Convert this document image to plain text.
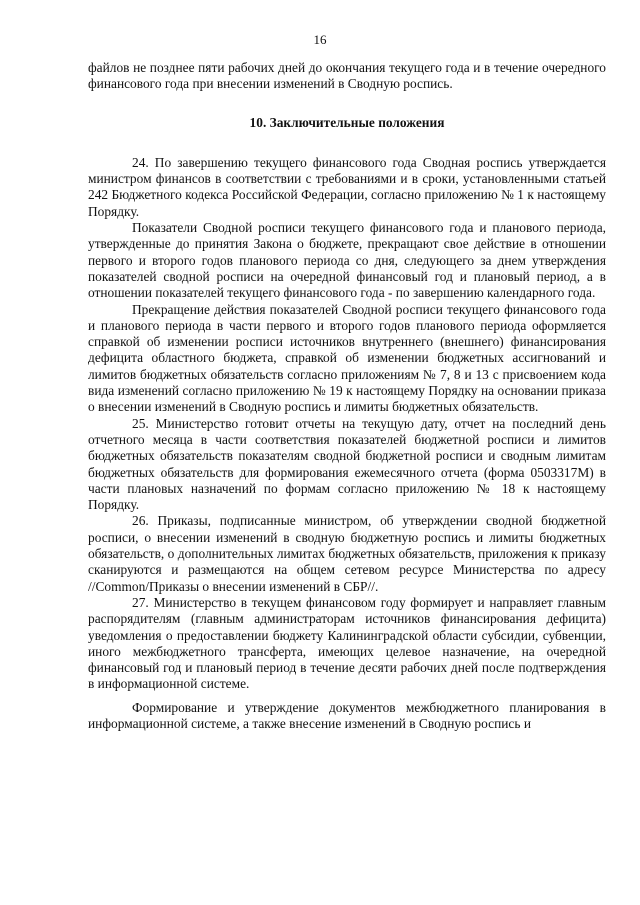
16

файлов не позднее пяти рабочих дней до окончания текущего года и в течение очередного финансового года при внесении изменений в Сводную роспись.

10. Заключительные положения

24. По завершению текущего финансового года Сводная роспись утверждается министром финансов в соответствии с требованиями и в сроки, установленными статьей 242 Бюджетного кодекса Российской Федерации, согласно приложению № 1 к настоящему Порядку.

Показатели Сводной росписи текущего финансового года и планового периода, утвержденные до принятия Закона о бюджете, прекращают свое действие в отношении первого и второго годов планового периода со дня, следующего за днем утверждения показателей сводной росписи на очередной финансовый год и плановый период, а в отношении показателей текущего финансового года - по завершению календарного года.

Прекращение действия показателей Сводной росписи текущего финансового года и планового периода в части первого и второго годов планового периода оформляется справкой об изменении росписи источников внутреннего (внешнего) финансирования дефицита областного бюджета, справкой об изменении бюджетных ассигнований и лимитов бюджетных обязательств согласно приложениям № 7, 8 и 13 с присвоением кода вида изменений согласно приложению № 19 к настоящему Порядку на основании приказа о внесении изменений в Сводную роспись и лимиты бюджетных обязательств.

25. Министерство готовит отчеты на текущую дату, отчет на последний день отчетного месяца в части соответствия показателей бюджетной росписи и лимитов бюджетных обязательств показателям сводной бюджетной росписи и сводным лимитам бюджетных обязательств для формирования ежемесячного отчета (форма 0503317М) в части плановых назначений по формам согласно приложению № 18 к настоящему Порядку.

26. Приказы, подписанные министром, об утверждении сводной бюджетной росписи, о внесении изменений в сводную бюджетную роспись и лимиты бюджетных обязательств, о дополнительных лимитах бюджетных обязательств, приложения к приказу сканируются и размещаются на общем сетевом ресурсе Министерства по адресу //Common/Приказы о внесении изменений в СБР//.

27. Министерство в текущем финансовом году формирует и направляет главным распорядителям (главным администраторам источников финансирования дефицита) уведомления о предоставлении бюджету Калининградской области субсидии, субвенции, иного межбюджетного трансферта, имеющих целевое назначение, на очередной финансовый год и плановый период в течение десяти рабочих дней после подтверждения в информационной системе.

Формирование и утверждение документов межбюджетного планирования в информационной системе, а также внесение изменений в Сводную роспись и
